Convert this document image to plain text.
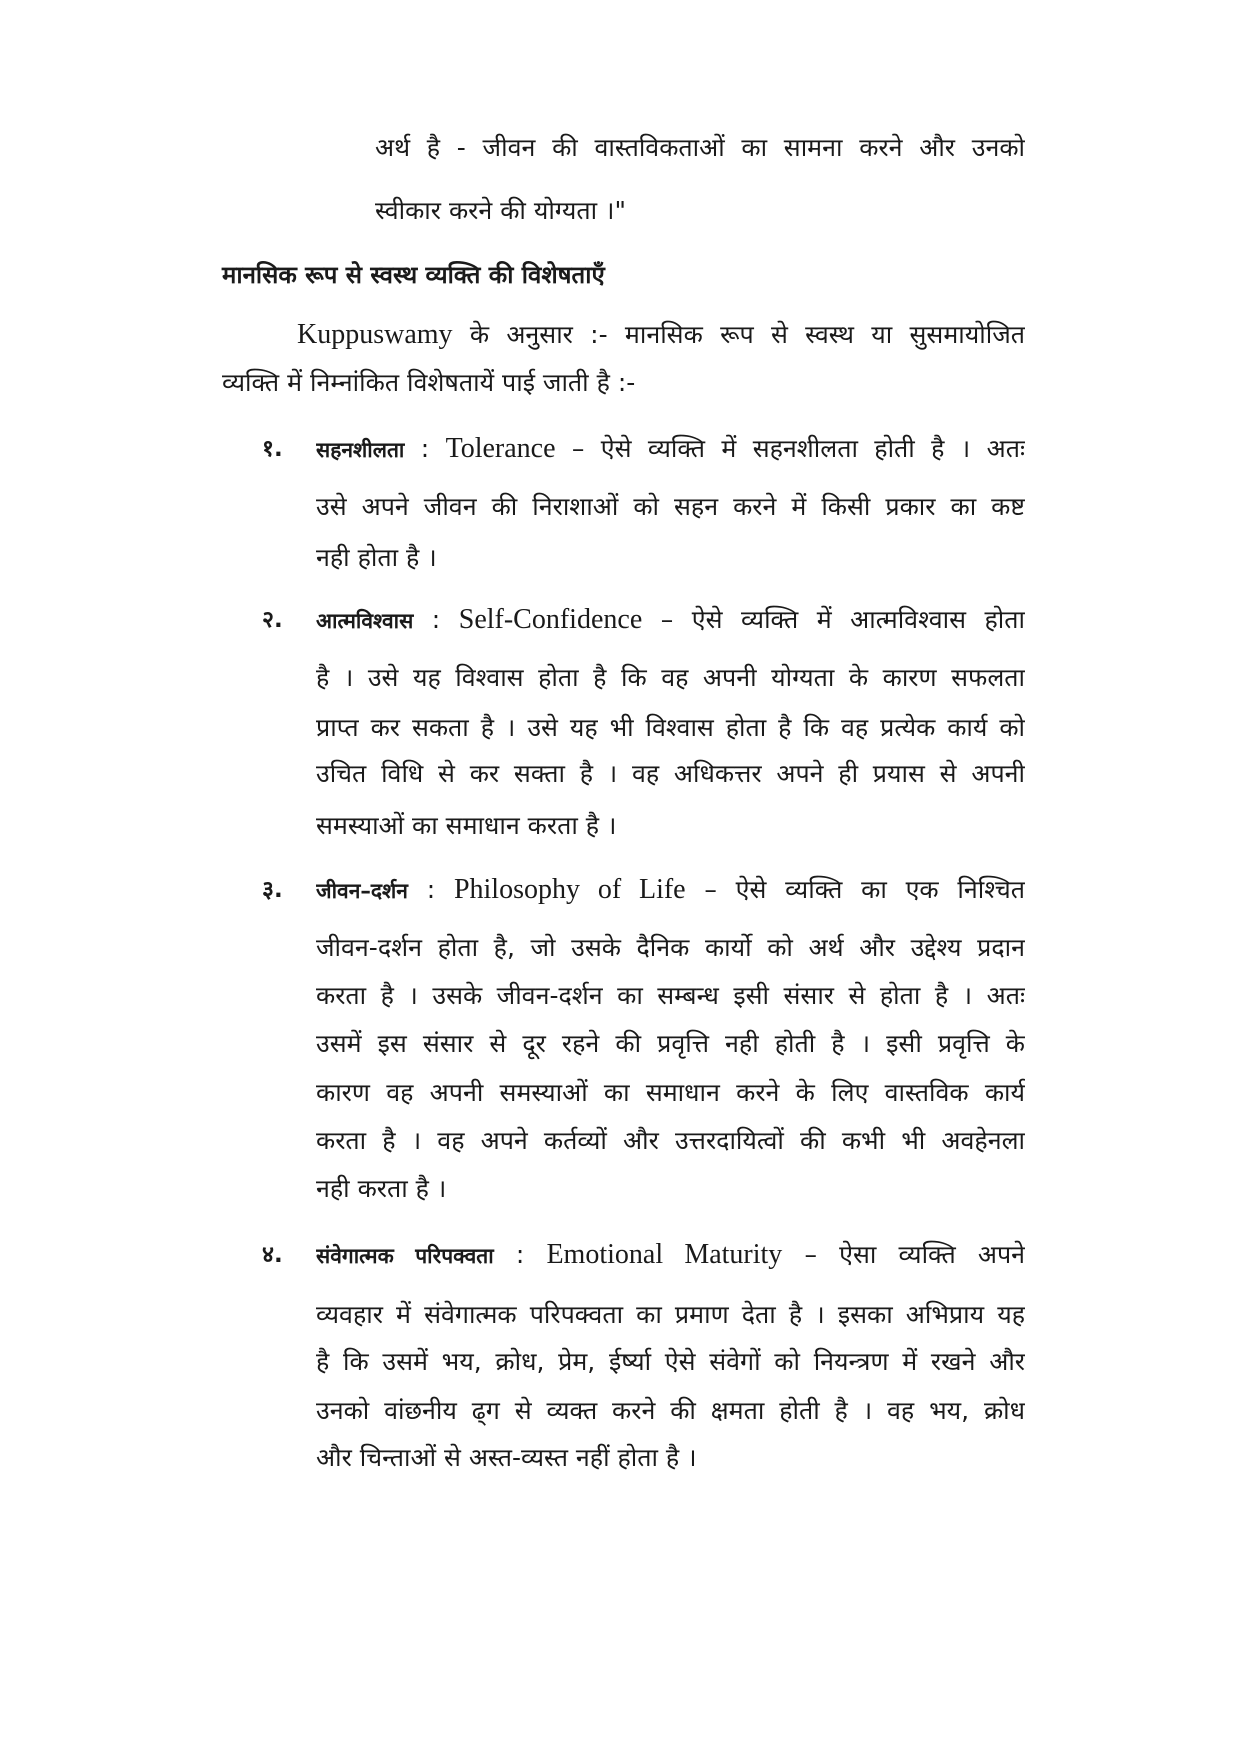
अर्थ है - जीवन की वास्तविकताओं का सामना करने और उनको
स्वीकार करने की योग्यता ।"
मानसिक रूप से स्वस्थ व्यक्ति की विशेषताएँ
Kuppuswamy के अनुसार :- मानसिक रूप से स्वस्थ या सुसमायोजित
व्यक्ति में निम्नांकित विशेषतायें पाई जाती है :-
१. सहनशीलता : Tolerance – ऐसे व्यक्ति में सहनशीलता होती है । अतः
उसे अपने जीवन की निराशाओं को सहन करने में किसी प्रकार का कष्ट
नही होता है ।
२. आत्मविश्वास : Self-Confidence – ऐसे व्यक्ति में आत्मविश्वास होता
है । उसे यह विश्वास होता है कि वह अपनी योग्यता के कारण सफलता
प्राप्त कर सकता है । उसे यह भी विश्वास होता है कि वह प्रत्येक कार्य को
उचित विधि से कर सक्ता है । वह अधिकत्तर अपने ही प्रयास से अपनी
समस्याओं का समाधान करता है ।
३. जीवन–दर्शन : Philosophy of Life – ऐसे व्यक्ति का एक निश्चित
जीवन-दर्शन होता है, जो उसके दैनिक कार्यो को अर्थ और उद्देश्य प्रदान
करता है । उसके जीवन-दर्शन का सम्बन्ध इसी संसार से होता है । अतः
उसमें इस संसार से दूर रहने की प्रवृत्ति नही होती है । इसी प्रवृत्ति के
कारण वह अपनी समस्याओं का समाधान करने के लिए वास्तविक कार्य
करता है । वह अपने कर्तव्यों और उत्तरदायित्वों की कभी भी अवहेनला
नही करता है ।
४. संवेगात्मक परिपक्वता : Emotional Maturity – ऐसा व्यक्ति अपने
व्यवहार में संवेगात्मक परिपक्वता का प्रमाण देता है । इसका अभिप्राय यह
है कि उसमें भय, क्रोध, प्रेम, ईर्ष्या ऐसे संवेगों को नियन्त्रण में रखने और
उनको वांछनीय ढ्ग से व्यक्त करने की क्षमता होती है । वह भय, क्रोध
और चिन्ताओं से अस्त-व्यस्त नहीं होता है ।
